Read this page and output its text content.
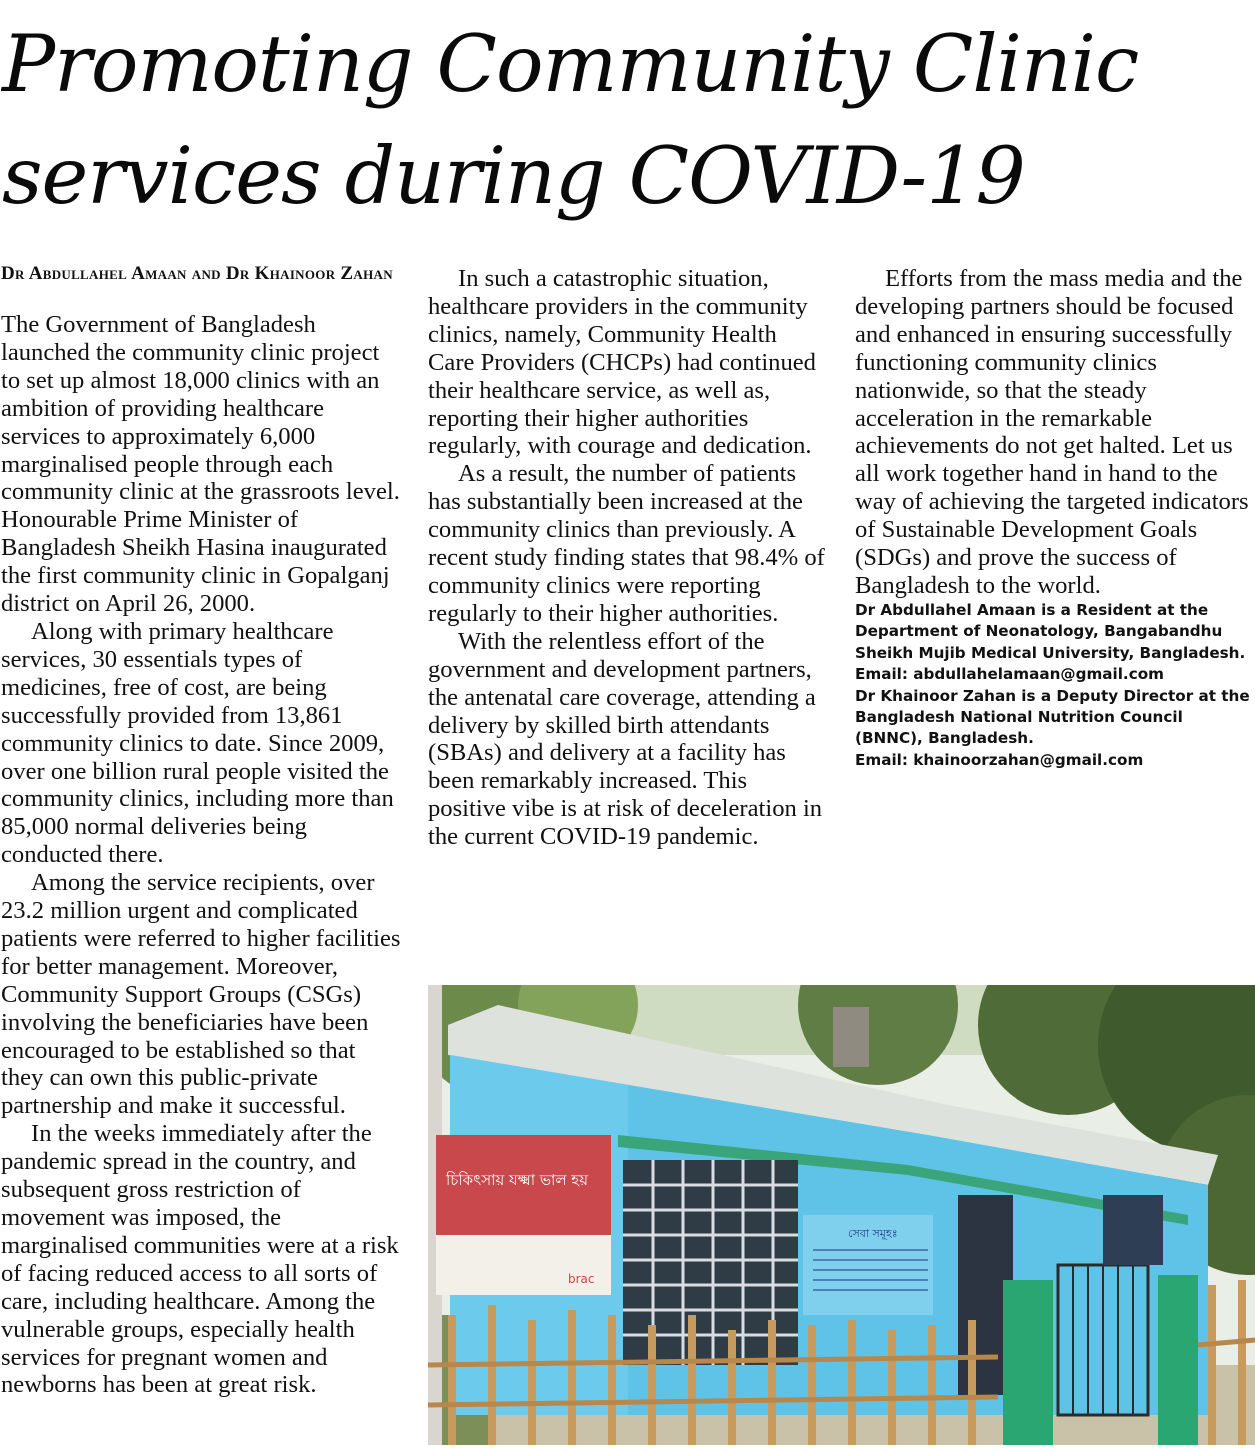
Promoting Community Clinic services during COVID-19
Dr Abdullahel Amaan and Dr Khainoor Zahan

The Government of Bangladesh launched the community clinic project to set up almost 18,000 clinics with an ambition of providing healthcare services to approximately 6,000 marginalised people through each community clinic at the grassroots level. Honourable Prime Minister of Bangladesh Sheikh Hasina inaugurated the first community clinic in Gopalganj district on April 26, 2000.

Along with primary healthcare services, 30 essentials types of medicines, free of cost, are being successfully provided from 13,861 community clinics to date. Since 2009, over one billion rural people visited the community clinics, including more than 85,000 normal deliveries being conducted there.

Among the service recipients, over 23.2 million urgent and complicated patients were referred to higher facilities for better management. Moreover, Community Support Groups (CSGs) involving the beneficiaries have been encouraged to be established so that they can own this public-private partnership and make it successful.

In the weeks immediately after the pandemic spread in the country, and subsequent gross restriction of movement was imposed, the marginalised communities were at a risk of facing reduced access to all sorts of care, including healthcare. Among the vulnerable groups, especially health services for pregnant women and newborns has been at great risk.

In such a catastrophic situation, healthcare providers in the community clinics, namely, Community Health Care Providers (CHCPs) had continued their healthcare service, as well as, reporting their higher authorities regularly, with courage and dedication.

As a result, the number of patients has substantially been increased at the community clinics than previously. A recent study finding states that 98.4% of community clinics were reporting regularly to their higher authorities.

With the relentless effort of the government and development partners, the antenatal care coverage, attending a delivery by skilled birth attendants (SBAs) and delivery at a facility has been remarkably increased. This positive vibe is at risk of deceleration in the current COVID-19 pandemic.

Efforts from the mass media and the developing partners should be focused and enhanced in ensuring successfully functioning community clinics nationwide, so that the steady acceleration in the remarkable achievements do not get halted. Let us all work together hand in hand to the way of achieving the targeted indicators of Sustainable Development Goals (SDGs) and prove the success of Bangladesh to the world.

Dr Abdullahel Amaan is a Resident at the Department of Neonatology, Bangabandhu Sheikh Mujib Medical University, Bangladesh.

Email: abdullahelamaan@gmail.com

Dr Khainoor Zahan is a Deputy Director at the Bangladesh National Nutrition Council (BNNC), Bangladesh.

Email: khainoorzahan@gmail.com

চিকিৎসায় যক্ষ্মা ভাল হয়
brac
সেবা সমূহঃ
